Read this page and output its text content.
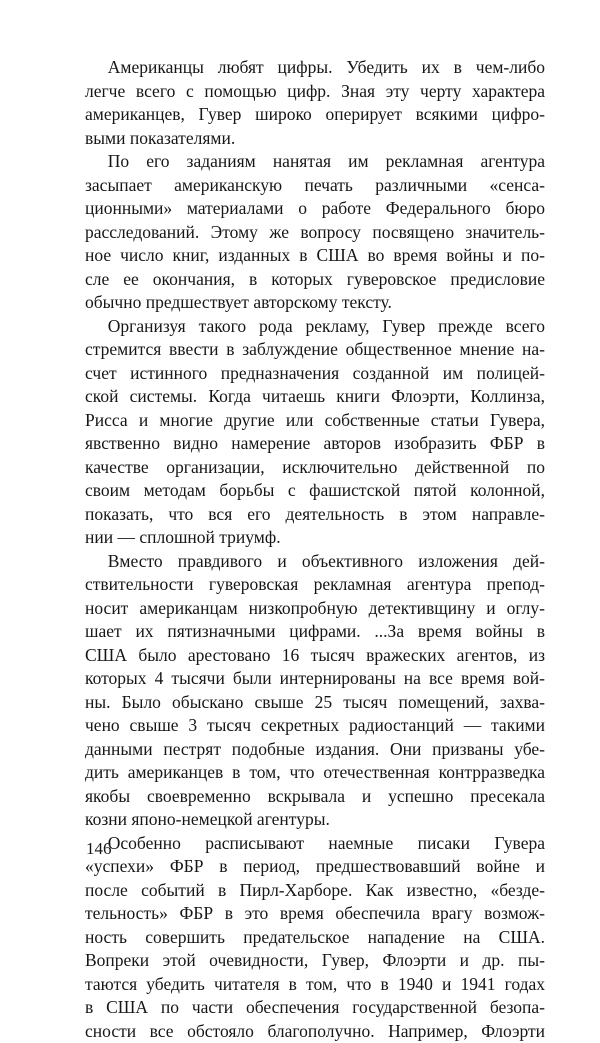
Американцы любят цифры. Убедить их в чем-либо
легче всего с помощью цифр. Зная эту черту характера
американцев, Гувер широко оперирует всякими цифро-
выми показателями.

По его заданиям нанятая им рекламная агентура
засыпает американскую печать различными «сенса-
ционными» материалами о работе Федерального бюро
расследований. Этому же вопросу посвящено значитель-
ное число книг, изданных в США во время войны и по-
сле ее окончания, в которых гуверовское предисловие
обычно предшествует авторскому тексту.

Организуя такого рода рекламу, Гувер прежде всего
стремится ввести в заблуждение общественное мнение на-
счет истинного предназначения созданной им полицей-
ской системы. Когда читаешь книги Флоэрти, Коллинза,
Рисса и многие другие или собственные статьи Гувера,
явственно видно намерение авторов изобразить ФБР в
качестве организации, исключительно действенной по
своим методам борьбы с фашистской пятой колонной,
показать, что вся его деятельность в этом направле-
нии — сплошной триумф.

Вместо правдивого и объективного изложения дей-
ствительности гуверовская рекламная агентура препод-
носит американцам низкопробную детективщину и оглу-
шает их пятизначными цифрами. ...За время войны в
США было арестовано 16 тысяч вражеских агентов, из
которых 4 тысячи были интернированы на все время вой-
ны. Было обыскано свыше 25 тысяч помещений, захва-
чено свыше 3 тысяч секретных радиостанций — такими
данными пестрят подобные издания. Они призваны убе-
дить американцев в том, что отечественная контрразведка
якобы своевременно вскрывала и успешно пресекала
козни японо-немецкой агентуры.

Особенно расписывают наемные писаки Гувера
«успехи» ФБР в период, предшествовавший войне и
после событий в Пирл-Харборе. Как известно, «безде-
тельность» ФБР в это время обеспечила врагу возмож-
ность совершить предательское нападение на США.
Вопреки этой очевидности, Гувер, Флоэрти и др. пы-
таются убедить читателя в том, что в 1940 и 1941 годах
в США по части обеспечения государственной безопа-
сности все обстояло благополучно. Например, Флоэрти

146
